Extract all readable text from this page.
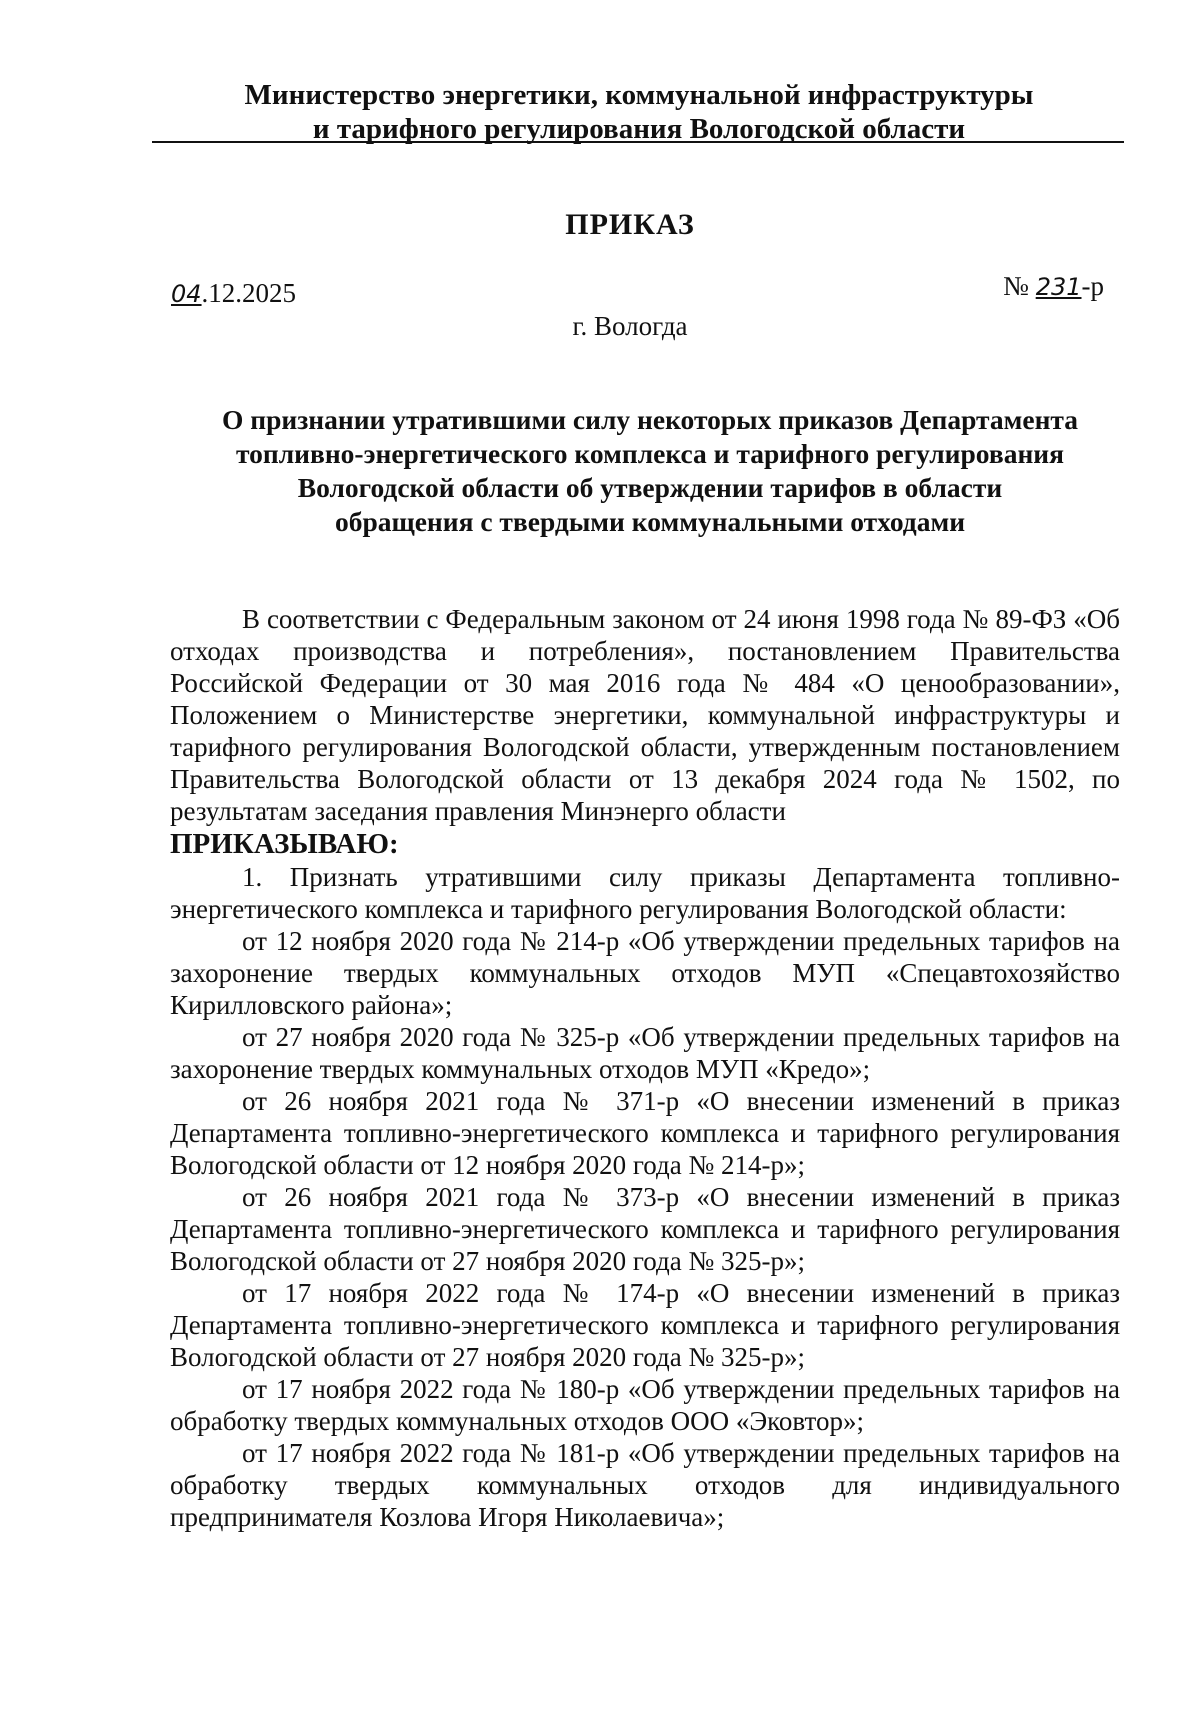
Министерство энергетики, коммунальной инфраструктуры
и тарифного регулирования Вологодской области
ПРИКАЗ
04.12.2025	№ 231-р
г. Вологда
О признании утратившими силу некоторых приказов Департамента
топливно-энергетического комплекса и тарифного регулирования
Вологодской области об утверждении тарифов в области
обращения с твердыми коммунальными отходами

В соответствии с Федеральным законом от 24 июня 1998 года № 89-ФЗ «Об отходах производства и потребления», постановлением Правительства Российской Федерации от 30 мая 2016 года № 484 «О ценообразовании», Положением о Министерстве энергетики, коммунальной инфраструктуры и тарифного регулирования Вологодской области, утвержденным постановлением Правительства Вологодской области от 13 декабря 2024 года № 1502, по результатам заседания правления Минэнерго области

ПРИКАЗЫВАЮ:

1. Признать утратившими силу приказы Департамента топливно-энергетического комплекса и тарифного регулирования Вологодской области:

от 12 ноября 2020 года № 214-р «Об утверждении предельных тарифов на захоронение твердых коммунальных отходов МУП «Спецавтохозяйство Кирилловского района»;

от 27 ноября 2020 года № 325-р «Об утверждении предельных тарифов на захоронение твердых коммунальных отходов МУП «Кредо»;

от 26 ноября 2021 года № 371-р «О внесении изменений в приказ Департамента топливно-энергетического комплекса и тарифного регулирования Вологодской области от 12 ноября 2020 года № 214-р»;

от 26 ноября 2021 года № 373-р «О внесении изменений в приказ Департамента топливно-энергетического комплекса и тарифного регулирования Вологодской области от 27 ноября 2020 года № 325-р»;

от 17 ноября 2022 года № 174-р «О внесении изменений в приказ Департамента топливно-энергетического комплекса и тарифного регулирования Вологодской области от 27 ноября 2020 года № 325-р»;

от 17 ноября 2022 года № 180-р «Об утверждении предельных тарифов на обработку твердых коммунальных отходов ООО «Эковтор»;

от 17 ноября 2022 года № 181-р «Об утверждении предельных тарифов на обработку твердых коммунальных отходов для индивидуального предпринимателя Козлова Игоря Николаевича»;
